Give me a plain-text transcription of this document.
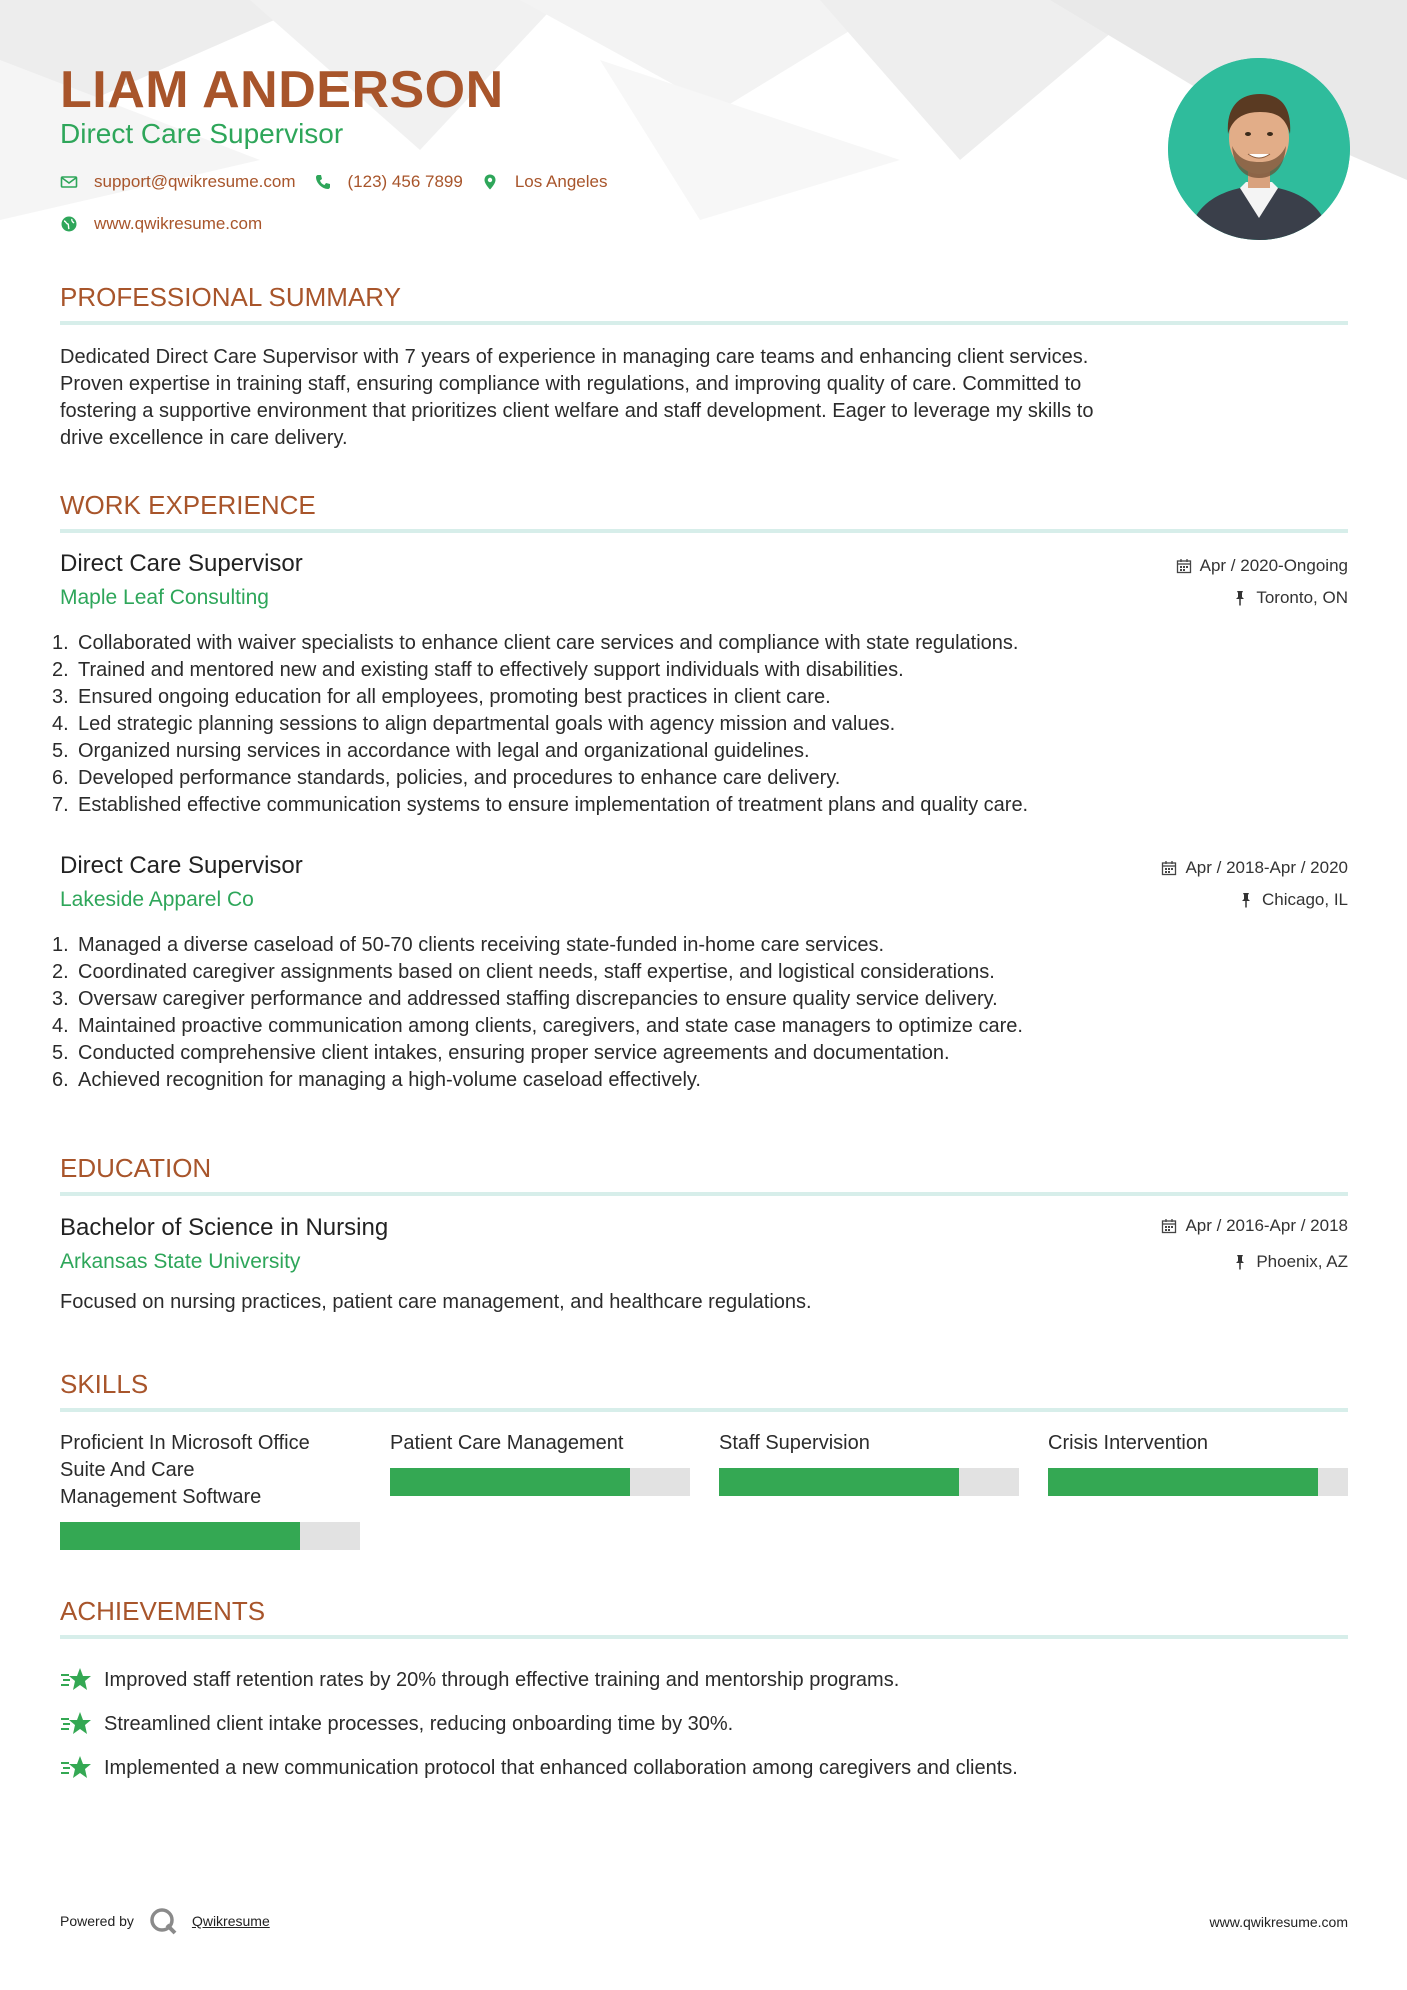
LIAM ANDERSON
Direct Care Supervisor
support@qwikresume.com	(123) 456 7899	Los Angeles
www.qwikresume.com
PROFESSIONAL SUMMARY
Dedicated Direct Care Supervisor with 7 years of experience in managing care teams and enhancing client services.
Proven expertise in training staff, ensuring compliance with regulations, and improving quality of care. Committed to
fostering a supportive environment that prioritizes client welfare and staff development. Eager to leverage my skills to
drive excellence in care delivery.
WORK EXPERIENCE
Direct Care Supervisor
Maple Leaf Consulting
Apr / 2020-Ongoing
Toronto, ON
1. Collaborated with waiver specialists to enhance client care services and compliance with state regulations.
2. Trained and mentored new and existing staff to effectively support individuals with disabilities.
3. Ensured ongoing education for all employees, promoting best practices in client care.
4. Led strategic planning sessions to align departmental goals with agency mission and values.
5. Organized nursing services in accordance with legal and organizational guidelines.
6. Developed performance standards, policies, and procedures to enhance care delivery.
7. Established effective communication systems to ensure implementation of treatment plans and quality care.
Direct Care Supervisor
Lakeside Apparel Co
Apr / 2018-Apr / 2020
Chicago, IL
1. Managed a diverse caseload of 50-70 clients receiving state-funded in-home care services.
2. Coordinated caregiver assignments based on client needs, staff expertise, and logistical considerations.
3. Oversaw caregiver performance and addressed staffing discrepancies to ensure quality service delivery.
4. Maintained proactive communication among clients, caregivers, and state case managers to optimize care.
5. Conducted comprehensive client intakes, ensuring proper service agreements and documentation.
6. Achieved recognition for managing a high-volume caseload effectively.
EDUCATION
Bachelor of Science in Nursing
Arkansas State University
Apr / 2016-Apr / 2018
Phoenix, AZ
Focused on nursing practices, patient care management, and healthcare regulations.
SKILLS
Proficient In Microsoft Office
Suite And Care
Management Software
Patient Care Management	Staff Supervision	Crisis Intervention
ACHIEVEMENTS
Improved staff retention rates by 20% through effective training and mentorship programs.
Streamlined client intake processes, reducing onboarding time by 30%.
Implemented a new communication protocol that enhanced collaboration among caregivers and clients.
Powered by	Qwikresume	www.qwikresume.com
